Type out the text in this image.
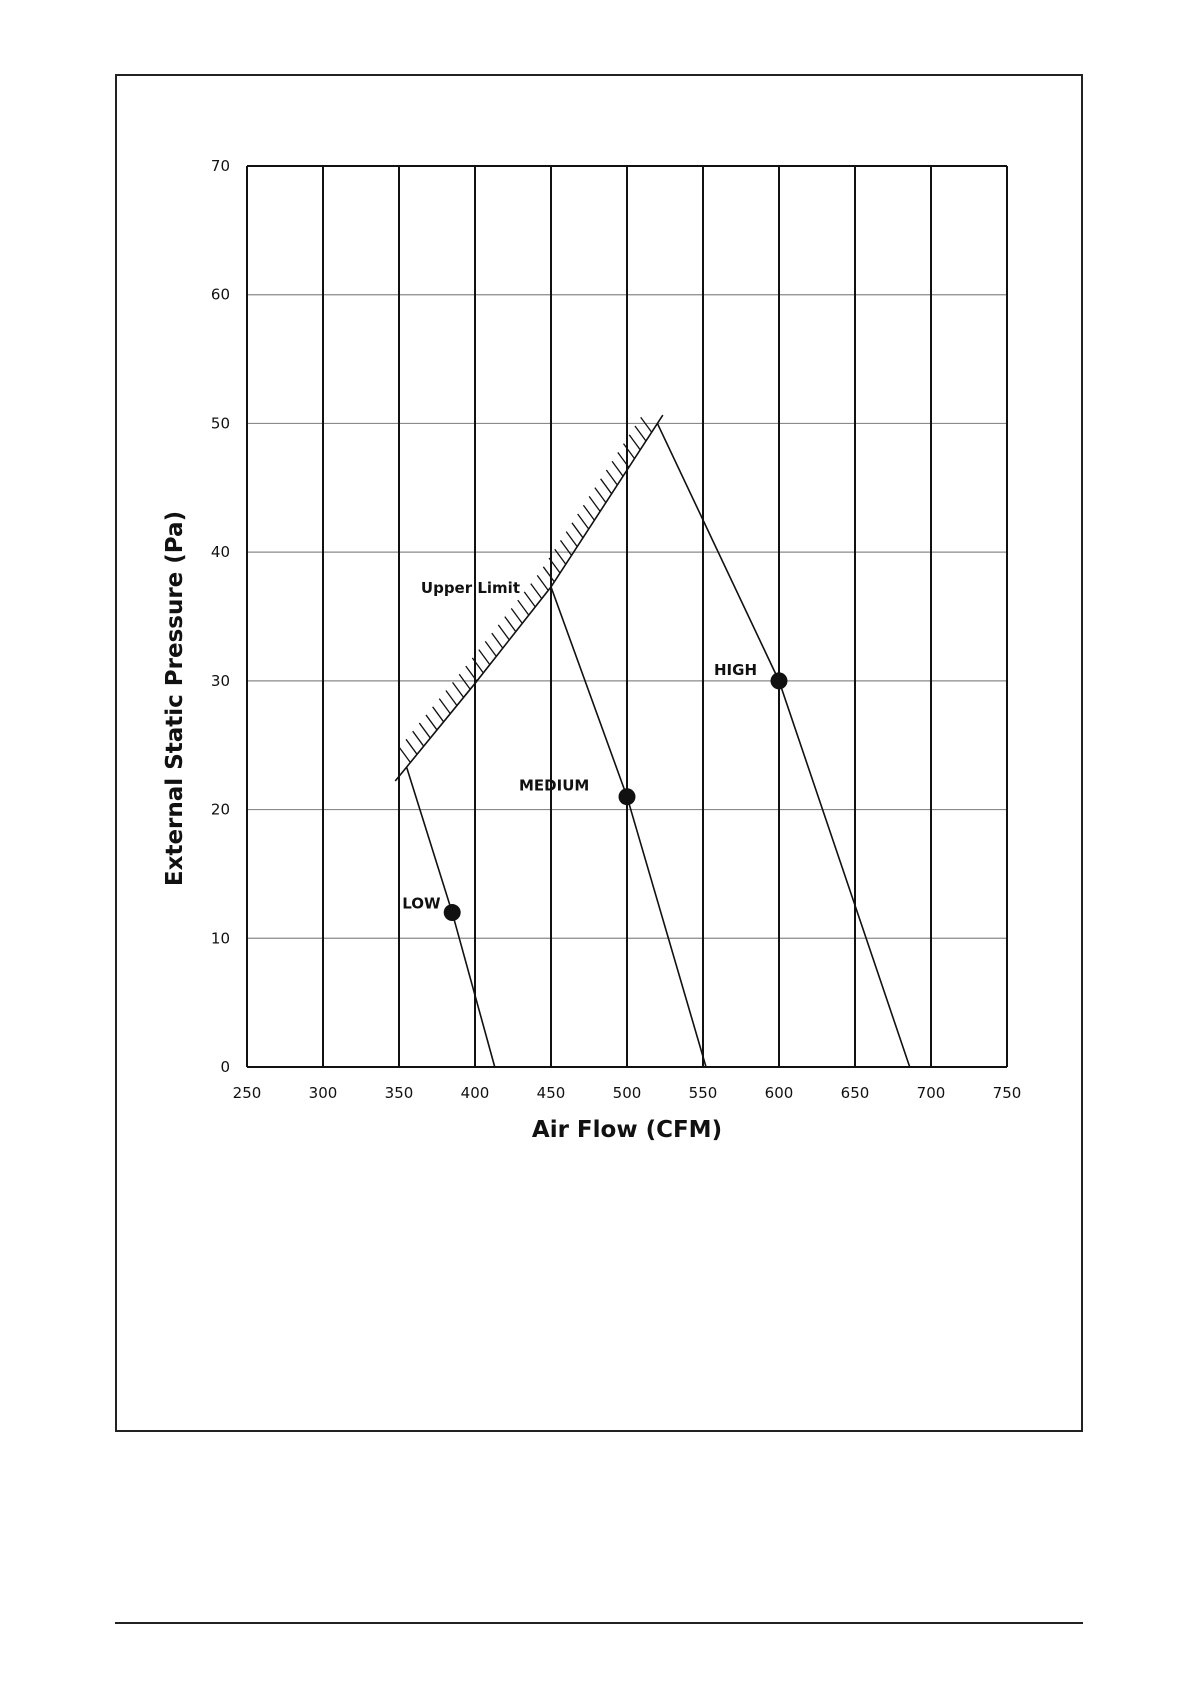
0
10
20
30
40
50
60
70
250	300	350	400	450	500	550	600	650	700	750
LOW
MEDIUM
HIGH
Upper Limit
Air Flow (CFM)
External Static Pressure (Pa)
